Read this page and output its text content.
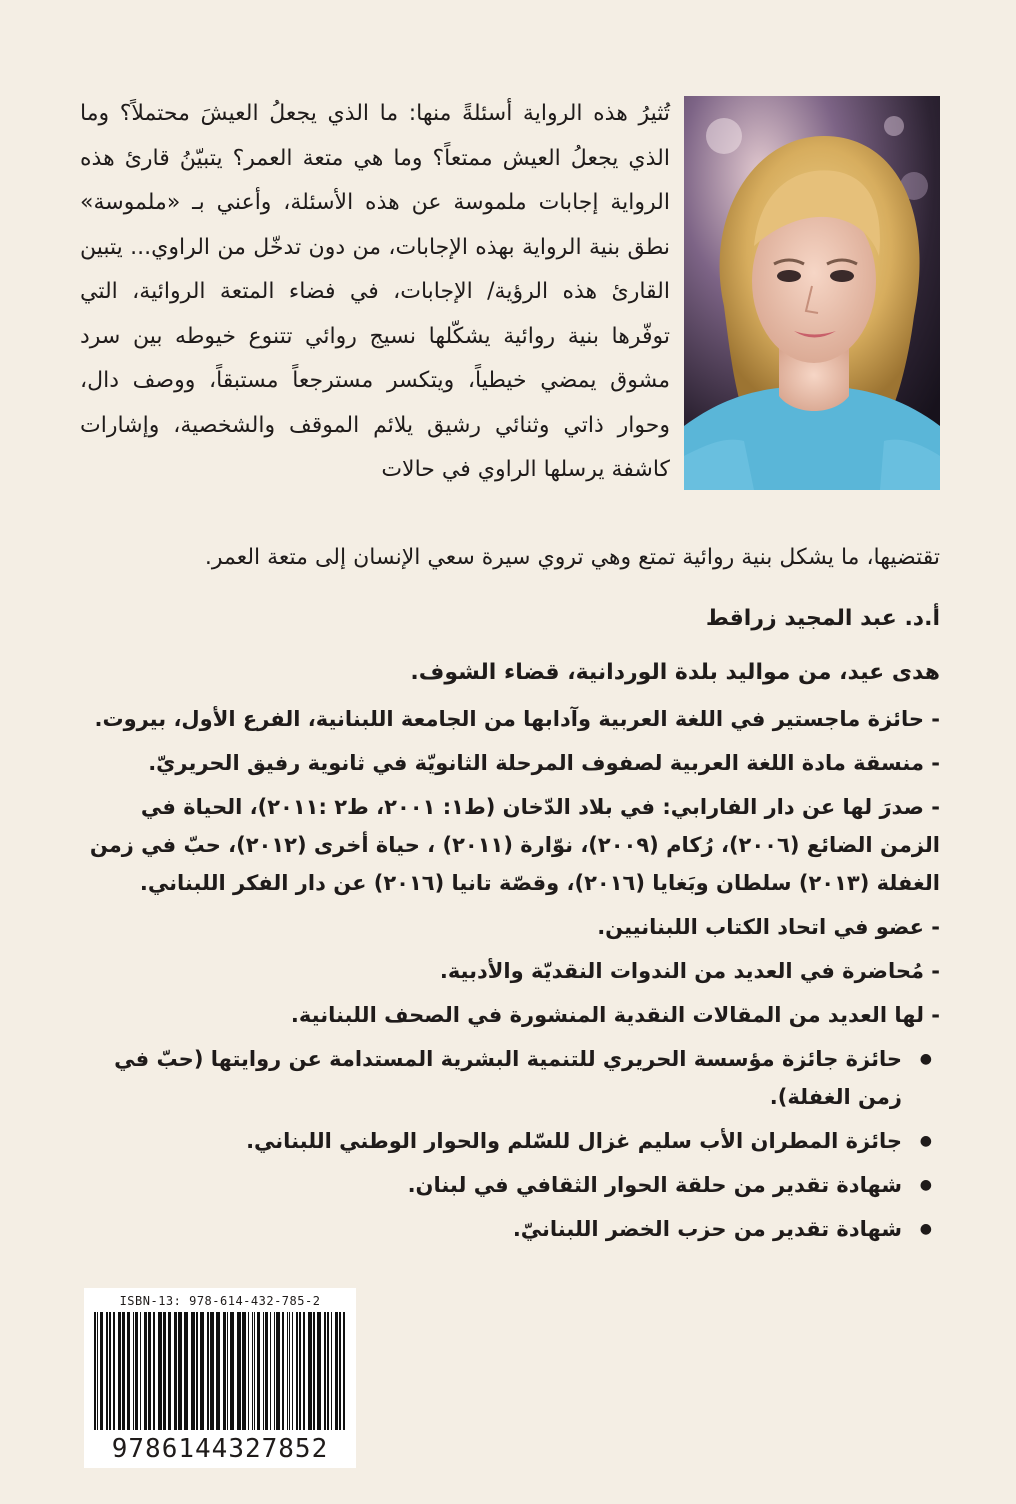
تُثيرُ هذه الرواية أسئلةً منها: ما الذي يجعلُ العيشَ محتملاً؟ وما الذي يجعلُ العيش ممتعاً؟ وما هي متعة العمر؟ يتبيّنُ قارئ هذه الرواية إجابات ملموسة عن هذه الأسئلة، وأعني بـ «ملموسة» نطق بنية الرواية بهذه الإجابات، من دون تدخّل من الراوي... يتبين القارئ هذه الرؤية/ الإجابات، في فضاء المتعة الروائية، التي توفّرها بنية روائية يشكّلها نسيج روائي تتنوع خيوطه بين سرد مشوق يمضي خيطياً، ويتكسر مسترجعاً مستبقاً، ووصف دال، وحوار ذاتي وثنائي رشيق يلائم الموقف والشخصية، وإشارات كاشفة يرسلها الراوي في حالات
تقتضيها، ما يشكل بنية روائية تمتع وهي تروي سيرة سعي الإنسان إلى متعة العمر.
أ.د. عبد المجيد زراقط
هدى عيد، من مواليد بلدة الوردانية، قضاء الشوف.
- حائزة ماجستير في اللغة العربية وآدابها من الجامعة اللبنانية، الفرع الأول، بيروت.
- منسقة مادة اللغة العربية لصفوف المرحلة الثانويّة في ثانوية رفيق الحريريّ.
- صدرَ لها عن دار الفارابي: في بلاد الدّخان (ط١: ٢٠٠١، ط٢ :٢٠١١)، الحياة في الزمن الضائع (٢٠٠٦)، رُكام (٢٠٠٩)، نوّارة (٢٠١١) ، حياة أخرى (٢٠١٢)، حبّ في زمن الغفلة (٢٠١٣) سلطان وبَغايا (٢٠١٦)، وقصّة تانيا (٢٠١٦) عن دار الفكر اللبناني.
- عضو في اتحاد الكتاب اللبنانيين.
- مُحاضرة في العديد من الندوات النقديّة والأدبية.
- لها العديد من المقالات النقدية المنشورة في الصحف اللبنانية.
● حائزة جائزة مؤسسة الحريري للتنمية البشرية المستدامة عن روايتها (حبّ في زمن الغفلة).
● جائزة المطران الأب سليم غزال للسّلم والحوار الوطني اللبناني.
● شهادة تقدير من حلقة الحوار الثقافي في لبنان.
● شهادة تقدير من حزب الخضر اللبنانيّ.
ISBN-13: 978-614-432-785-2
9786144327852
